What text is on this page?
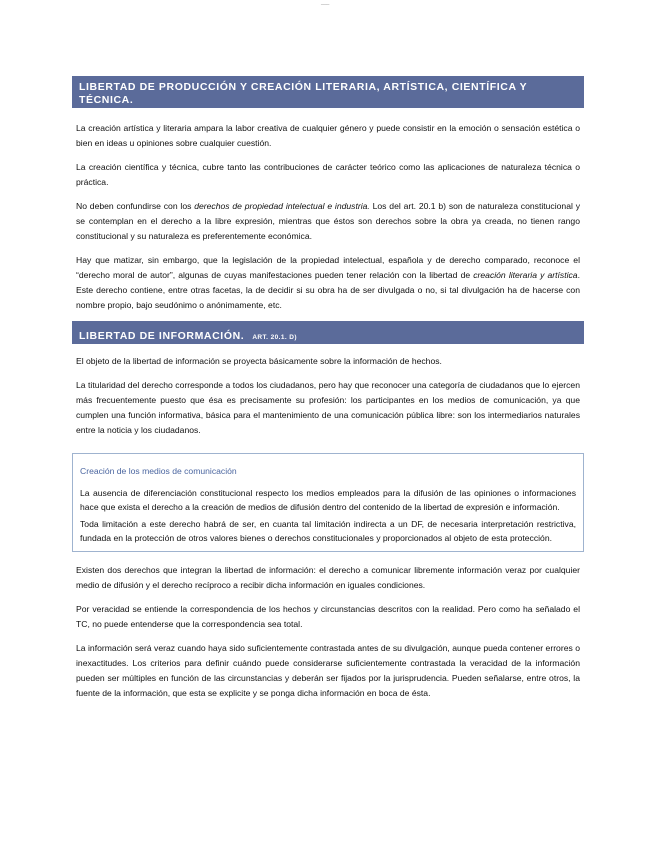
___
LIBERTAD DE PRODUCCIÓN Y CREACIÓN LITERARIA, ARTÍSTICA, CIENTÍFICA Y TÉCNICA.
ART. 20.1. B)

La creación artística y literaria ampara la labor creativa de cualquier género y puede consistir en la emoción o sensación estética o bien en ideas u opiniones sobre cualquier cuestión.

La creación científica y técnica, cubre tanto las contribuciones de carácter teórico como las aplicaciones de naturaleza técnica o práctica.

No deben confundirse con los derechos de propiedad intelectual e industria. Los del art. 20.1 b) son de naturaleza constitucional y se contemplan en el derecho a la libre expresión, mientras que éstos son derechos sobre la obra ya creada, no tienen rango constitucional y su naturaleza es preferentemente económica.

Hay que matizar, sin embargo, que la legislación de la propiedad intelectual, española y de derecho comparado, reconoce el “derecho moral de autor”, algunas de cuyas manifestaciones pueden tener relación con la libertad de creación literaria y artística. Este derecho contiene, entre otras facetas, la de decidir si su obra ha de ser divulgada o no, si tal divulgación ha de hacerse con nombre propio, bajo seudónimo o anónimamente, etc.

LIBERTAD DE INFORMACIÓN. ART. 20.1. D)

El objeto de la libertad de información se proyecta básicamente sobre la información de hechos.

La titularidad del derecho corresponde a todos los ciudadanos, pero hay que reconocer una categoría de ciudadanos que lo ejercen más frecuentemente puesto que ésa es precisamente su profesión: los participantes en los medios de comunicación, ya que cumplen una función informativa, básica para el mantenimiento de una comunicación pública libre: son los intermediarios naturales entre la noticia y los ciudadanos.

Creación de los medios de comunicación

La ausencia de diferenciación constitucional respecto los medios empleados para la difusión de las opiniones o informaciones hace que exista el derecho a la creación de medios de difusión dentro del contenido de la libertad de expresión e información.

Toda limitación a este derecho habrá de ser, en cuanta tal limitación indirecta a un DF, de necesaria interpretación restrictiva, fundada en la protección de otros valores bienes o derechos constitucionales y proporcionados al objeto de esta protección.

Existen dos derechos que integran la libertad de información: el derecho a comunicar libremente información veraz por cualquier medio de difusión y el derecho recíproco a recibir dicha información en iguales condiciones.

Por veracidad se entiende la correspondencia de los hechos y circunstancias descritos con la realidad. Pero como ha señalado el TC, no puede entenderse que la correspondencia sea total.

La información será veraz cuando haya sido suficientemente contrastada antes de su divulgación, aunque pueda contener errores o inexactitudes. Los criterios para definir cuándo puede considerarse suficientemente contrastada la veracidad de la información pueden ser múltiples en función de las circunstancias y deberán ser fijados por la jurisprudencia. Pueden señalarse, entre otros, la fuente de la información, que esta se explicite y se ponga dicha información en boca de ésta.
